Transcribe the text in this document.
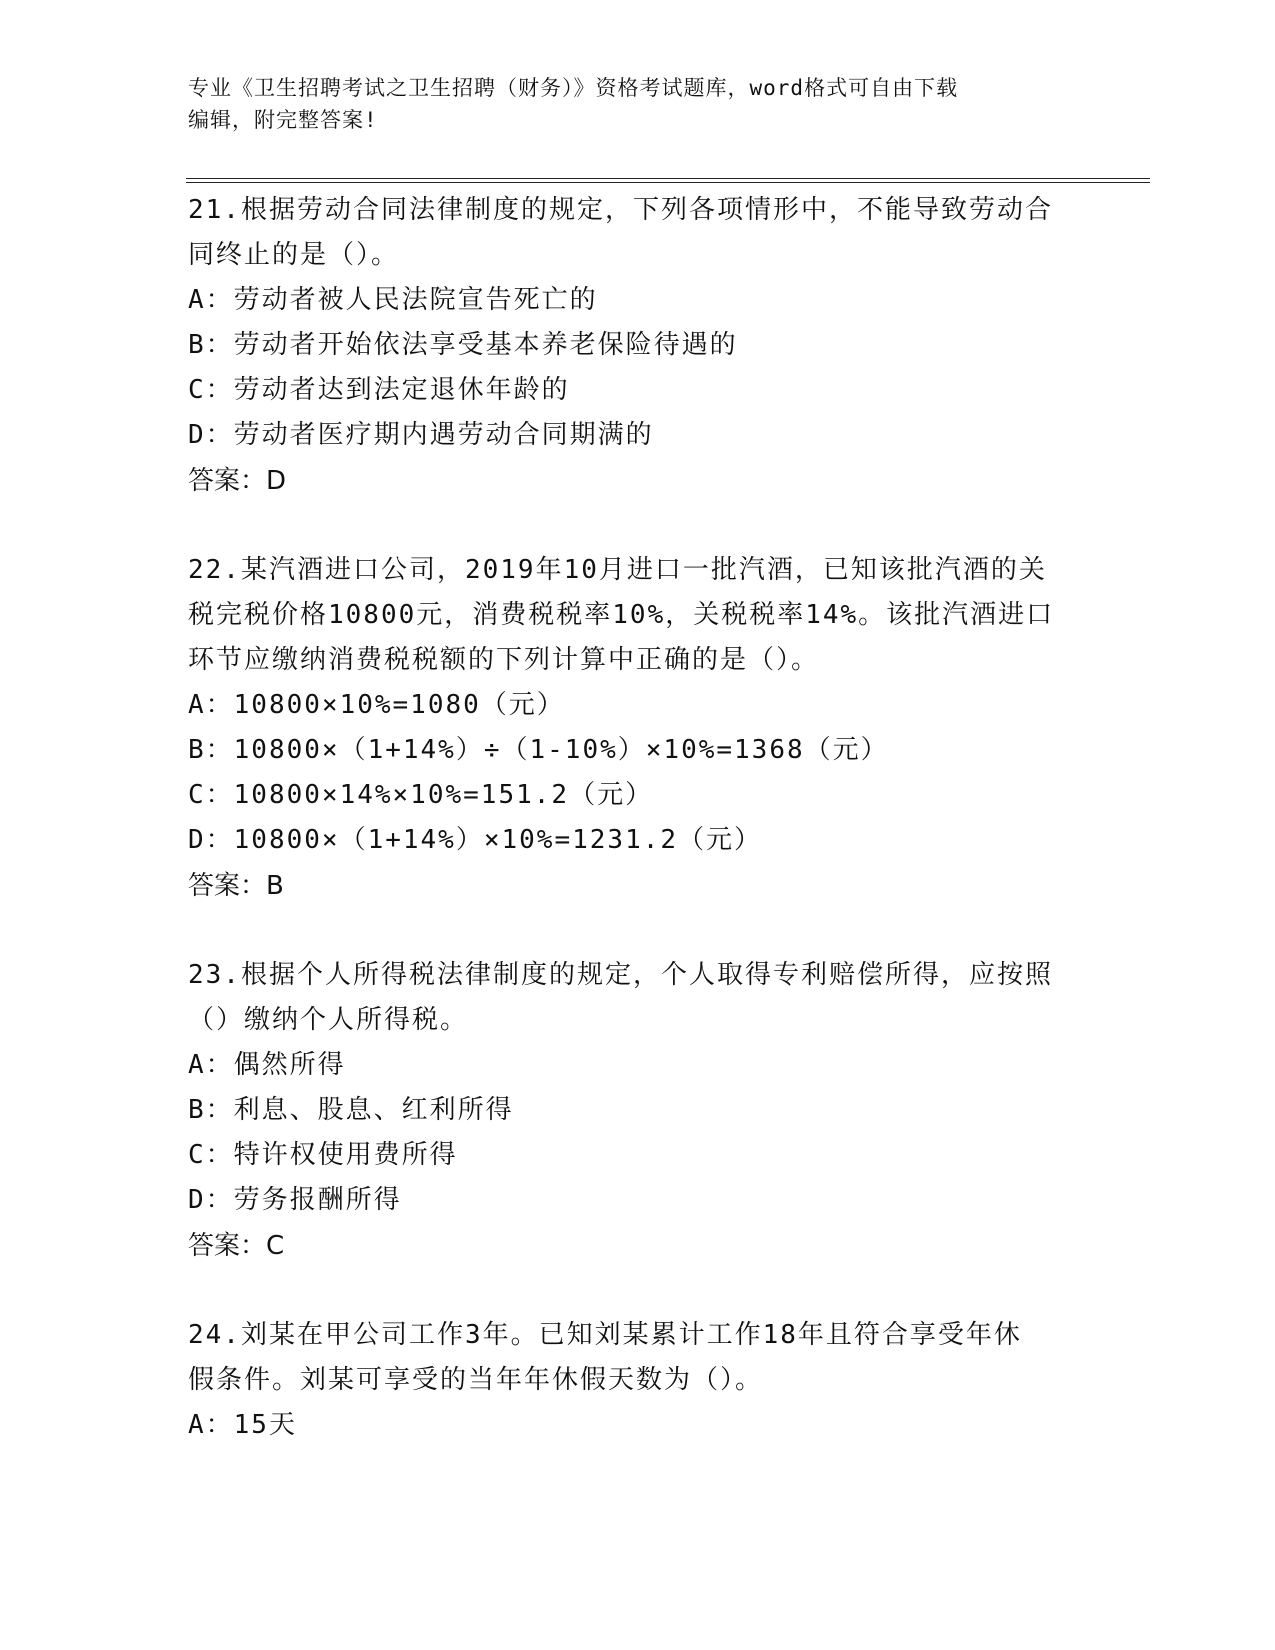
专业《卫生招聘考试之卫生招聘（财务）》资格考试题库，word格式可自由下载
编辑，附完整答案!

21.根据劳动合同法律制度的规定，下列各项情形中，不能导致劳动合

同终止的是（）。

A：劳动者被人民法院宣告死亡的

B：劳动者开始依法享受基本养老保险待遇的

C：劳动者达到法定退休年龄的

D：劳动者医疗期内遇劳动合同期满的

答案：D

22.某汽酒进口公司，2019年10月进口一批汽酒，已知该批汽酒的关

税完税价格10800元，消费税税率10%，关税税率14%。该批汽酒进口

环节应缴纳消费税税额的下列计算中正确的是（）。

A：10800×10%=1080（元）

B：10800×（1+14%）÷（1-10%）×10%=1368（元）

C：10800×14%×10%=151.2（元）

D：10800×（1+14%）×10%=1231.2（元）

答案：B

23.根据个人所得税法律制度的规定，个人取得专利赔偿所得，应按照

（）缴纳个人所得税。

A：偶然所得

B：利息、股息、红利所得

C：特许权使用费所得

D：劳务报酬所得

答案：C

24.刘某在甲公司工作3年。已知刘某累计工作18年且符合享受年休

假条件。刘某可享受的当年年休假天数为（）。

A：15天
